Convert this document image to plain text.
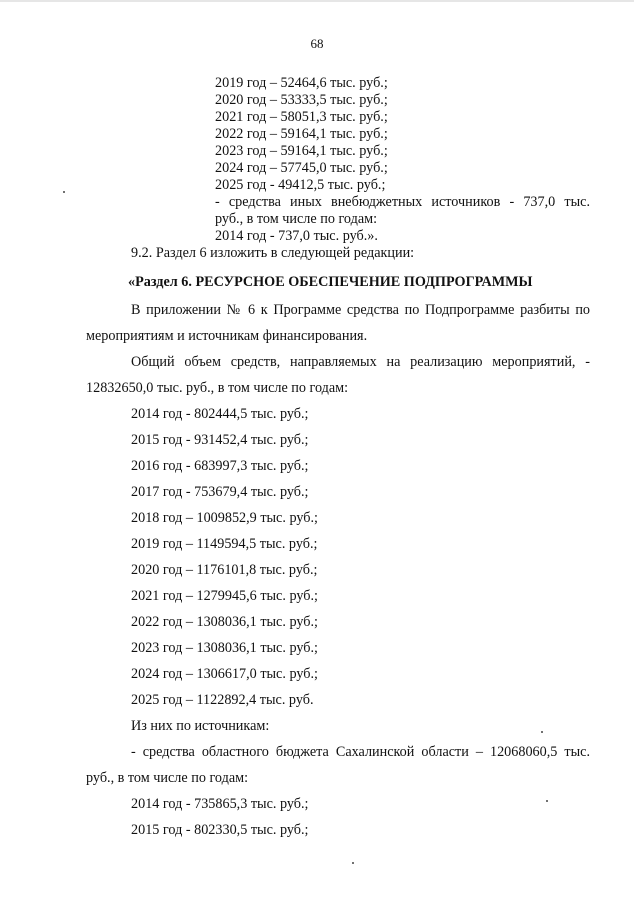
68
2019 год – 52464,6 тыс. руб.;
2020 год – 53333,5 тыс. руб.;
2021 год – 58051,3 тыс. руб.;
2022 год – 59164,1 тыс. руб.;
2023 год – 59164,1 тыс. руб.;
2024 год – 57745,0 тыс. руб.;
2025 год - 49412,5 тыс. руб.;
- средства иных внебюджетных источников - 737,0 тыс.
руб., в том числе по годам:
2014 год - 737,0 тыс. руб.».
9.2. Раздел 6 изложить в следующей редакции:
«Раздел 6. РЕСУРСНОЕ ОБЕСПЕЧЕНИЕ ПОДПРОГРАММЫ
В приложении № 6 к Программе средства по Подпрограмме разбиты по
мероприятиям и источникам финансирования.
Общий объем средств, направляемых на реализацию мероприятий, -
12832650,0 тыс. руб., в том числе по годам:
2014 год - 802444,5 тыс. руб.;
2015 год - 931452,4 тыс. руб.;
2016 год - 683997,3 тыс. руб.;
2017 год - 753679,4 тыс. руб.;
2018 год – 1009852,9 тыс. руб.;
2019 год – 1149594,5 тыс. руб.;
2020 год – 1176101,8 тыс. руб.;
2021 год – 1279945,6 тыс. руб.;
2022 год – 1308036,1 тыс. руб.;
2023 год – 1308036,1 тыс. руб.;
2024 год – 1306617,0 тыс. руб.;
2025 год – 1122892,4 тыс. руб.
Из них по источникам:
- средства областного бюджета Сахалинской области – 12068060,5 тыс.
руб., в том числе по годам:
2014 год - 735865,3 тыс. руб.;
2015 год - 802330,5 тыс. руб.;
